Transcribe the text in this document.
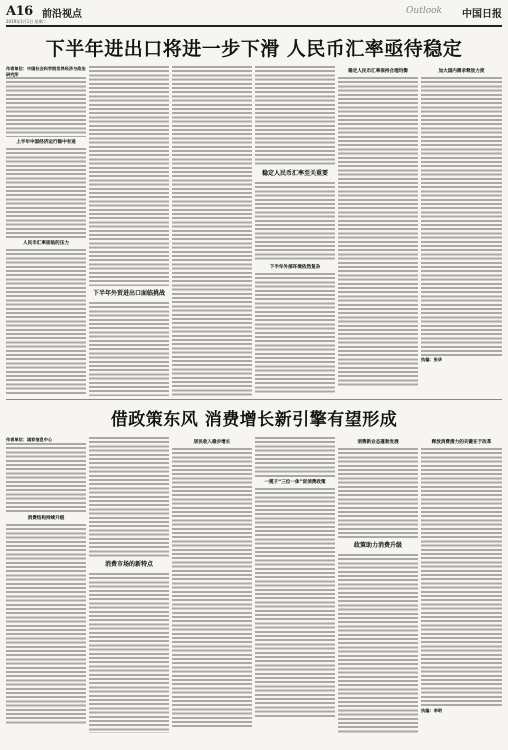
A16 前沿视点
2019年1月1日 星期二
Outlook 中国日报
下半年进出口将进一步下滑 人民币汇率亟待稳定
作者单位：中国社会科学院世界经济与政治研究所
上半年中国经济运行稳中有进
人民币汇率面临的压力
下半年外贸进出口面临挑战
稳定人民币汇率至关重要
下半年外部环境依然复杂
稳定人民币汇率保持合理均衡	加大国内需求释放力度
执编：张华
借政策东风 消费增长新引擎有望形成
作者单位：国家信息中心
消费结构持续升级
消费市场的新特点
居民收入稳步增长
一揽子“三位一体”促消费政策
消费新业态蓬勃发展
政策助力消费升级
释放消费潜力的关键在于改革
执编：李明
